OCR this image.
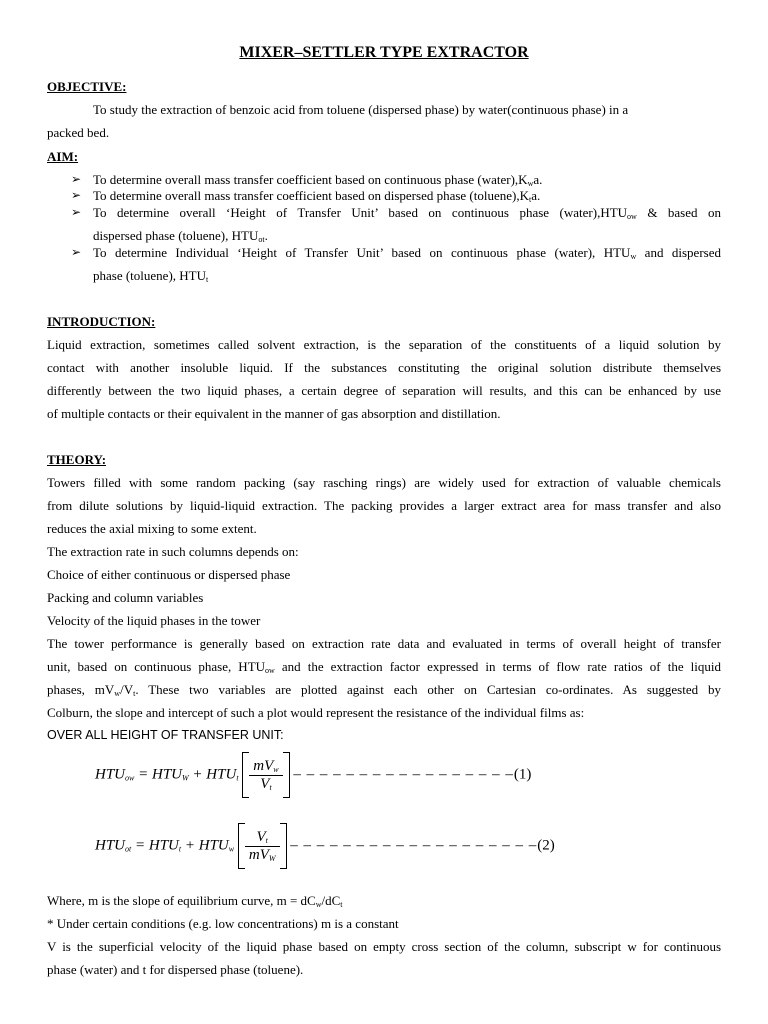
MIXER–SETTLER TYPE EXTRACTOR
OBJECTIVE:
To study the extraction of benzoic acid from toluene (dispersed phase) by water(continuous phase) in a
packed bed.
AIM:
➢ To determine overall mass transfer coefficient based on continuous phase $(water),K_wa$.
➢ To determine overall mass transfer coefficient based on dispersed phase $(toluene),K_ta$.
➢ To determine overall ‘Height of Transfer Unit’ based on continuous phase $(water),HTU_{ow}$ & based on
dispersed phase (toluene), $HTU_{ot}$.
➢ To determine Individual ‘Height of Transfer Unit’ based on continuous phase (water), $HTU_w$ and dispersed
phase (toluene), $HTU_t$
INTRODUCTION:
Liquid extraction, sometimes called solvent extraction, is the separation of the constituents of a liquid solution by
contact with another insoluble liquid. If the substances constituting the original solution distribute themselves
differently between the two liquid phases, a certain degree of separation will results, and this can be enhanced by use
of multiple contacts or their equivalent in the manner of gas absorption and distillation.
THEORY:
Towers filled with some random packing (say rasching rings) are widely used for extraction of valuable chemicals
from dilute solutions by liquid-liquid extraction. The packing provides a larger extract area for mass transfer and also
reduces the axial mixing to some extent.
The extraction rate in such columns depends on:
Choice of either continuous or dispersed phase
Packing and column variables
Velocity of the liquid phases in the tower
The tower performance is generally based on extraction rate data and evaluated in terms of overall height of transfer
unit, based on continuous phase, $HTU_{ow}$ and the extraction factor expressed in terms of flow rate ratios of the liquid
phases, $mV_w/V_t$. These two variables are plotted against each other on Cartesian co-ordinates. As suggested by
Colburn, the slope and intercept of such a plot would represent the resistance of the individual films as:
OVER ALL HEIGHT OF TRANSFER UNIT:
$HTU_{ow} = HTU_W + HTU_t \frac{mV_w}{V_t}$ – – – – – – – – – – – – – – – – –(1)
$HTU_{ot} = HTU_t + HTU_w \frac{V_t}{mV_W}$ – – – – – – – – – – – – – – – – – – –(2)
Where, m is the slope of equilibrium curve, $m = dC_w/dC_t$
* Under certain conditions (e.g. low concentrations) m is a constant
V is the superficial velocity of the liquid phase based on empty cross section of the column, subscript w for continuous
phase (water) and t for dispersed phase (toluene).
